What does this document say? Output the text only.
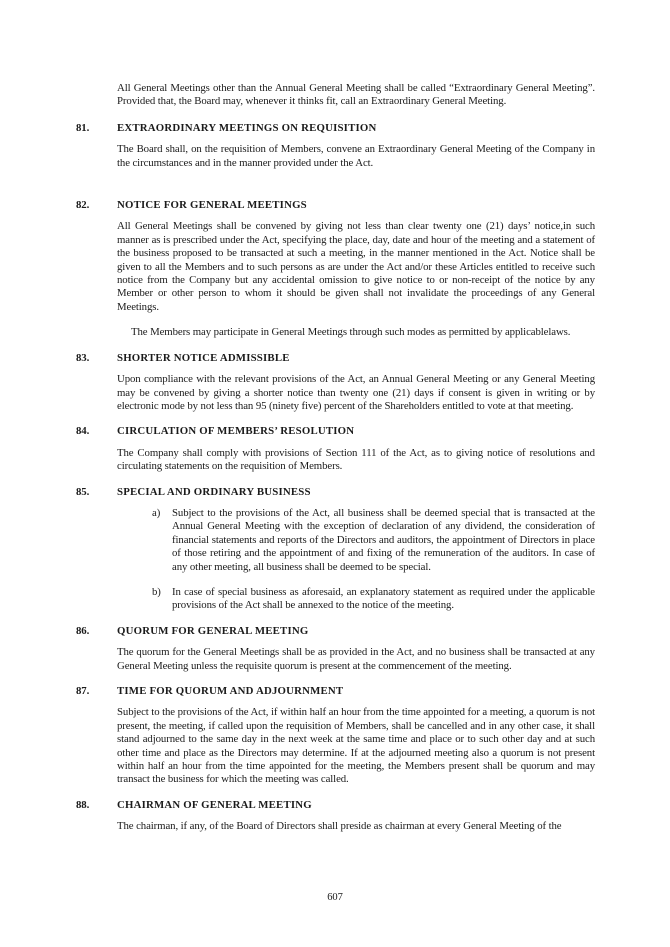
All General Meetings other than the Annual General Meeting shall be called “Extraordinary General Meeting”. Provided that, the Board may, whenever it thinks fit, call an Extraordinary General Meeting.

81.	EXTRAORDINARY MEETINGS ON REQUISITION

The Board shall, on the requisition of Members, convene an Extraordinary General Meeting of the Company in the circumstances and in the manner provided under the Act.

82.	NOTICE FOR GENERAL MEETINGS

All General Meetings shall be convened by giving not less than clear twenty one (21) days’ notice,in such manner as is prescribed under the Act, specifying the place, day, date and hour of the meeting and a statement of the business proposed to be transacted at such a meeting, in the manner mentioned in the Act. Notice shall be given to all the Members and to such persons as are under the Act and/or these Articles entitled to receive such notice from the Company but any accidental omission to give notice to or non-receipt of the notice by any Member or other person to whom it should be given shall not invalidate the proceedings of any General Meetings.

The Members may participate in General Meetings through such modes as permitted by applicablelaws.

83.	SHORTER NOTICE ADMISSIBLE

Upon compliance with the relevant provisions of the Act, an Annual General Meeting or any General Meeting may be convened by giving a shorter notice than twenty one (21) days if consent is given in writing or by electronic mode by not less than 95 (ninety five) percent of the Shareholders entitled to vote at that meeting.

84.	CIRCULATION OF MEMBERS’ RESOLUTION

The Company shall comply with provisions of Section 111 of the Act, as to giving notice of resolutions and circulating statements on the requisition of Members.

85.	SPECIAL AND ORDINARY BUSINESS
a)	Subject to the provisions of the Act, all business shall be deemed special that is transacted at the Annual General Meeting with the exception of declaration of any dividend, the consideration of financial statements and reports of the Directors and auditors, the appointment of Directors in place of those retiring and the appointment of and fixing of the remuneration of the auditors. In case of any other meeting, all business shall be deemed to be special.

b)	In case of special business as aforesaid, an explanatory statement as required under the applicable provisions of the Act shall be annexed to the notice of the meeting.

86.	QUORUM FOR GENERAL MEETING

The quorum for the General Meetings shall be as provided in the Act, and no business shall be transacted at any General Meeting unless the requisite quorum is present at the commencement of the meeting.

87.	TIME FOR QUORUM AND ADJOURNMENT

Subject to the provisions of the Act, if within half an hour from the time appointed for a meeting, a quorum is not present, the meeting, if called upon the requisition of Members, shall be cancelled and in any other case, it shall stand adjourned to the same day in the next week at the same time and place or to such other day and at such other time and place as the Directors may determine. If at the adjourned meeting also a quorum is not present within half an hour from the time appointed for the meeting, the Members present shall be quorum and may transact the business for which the meeting was called.

88.	CHAIRMAN OF GENERAL MEETING

The chairman, if any, of the Board of Directors shall preside as chairman at every General Meeting of the

607
